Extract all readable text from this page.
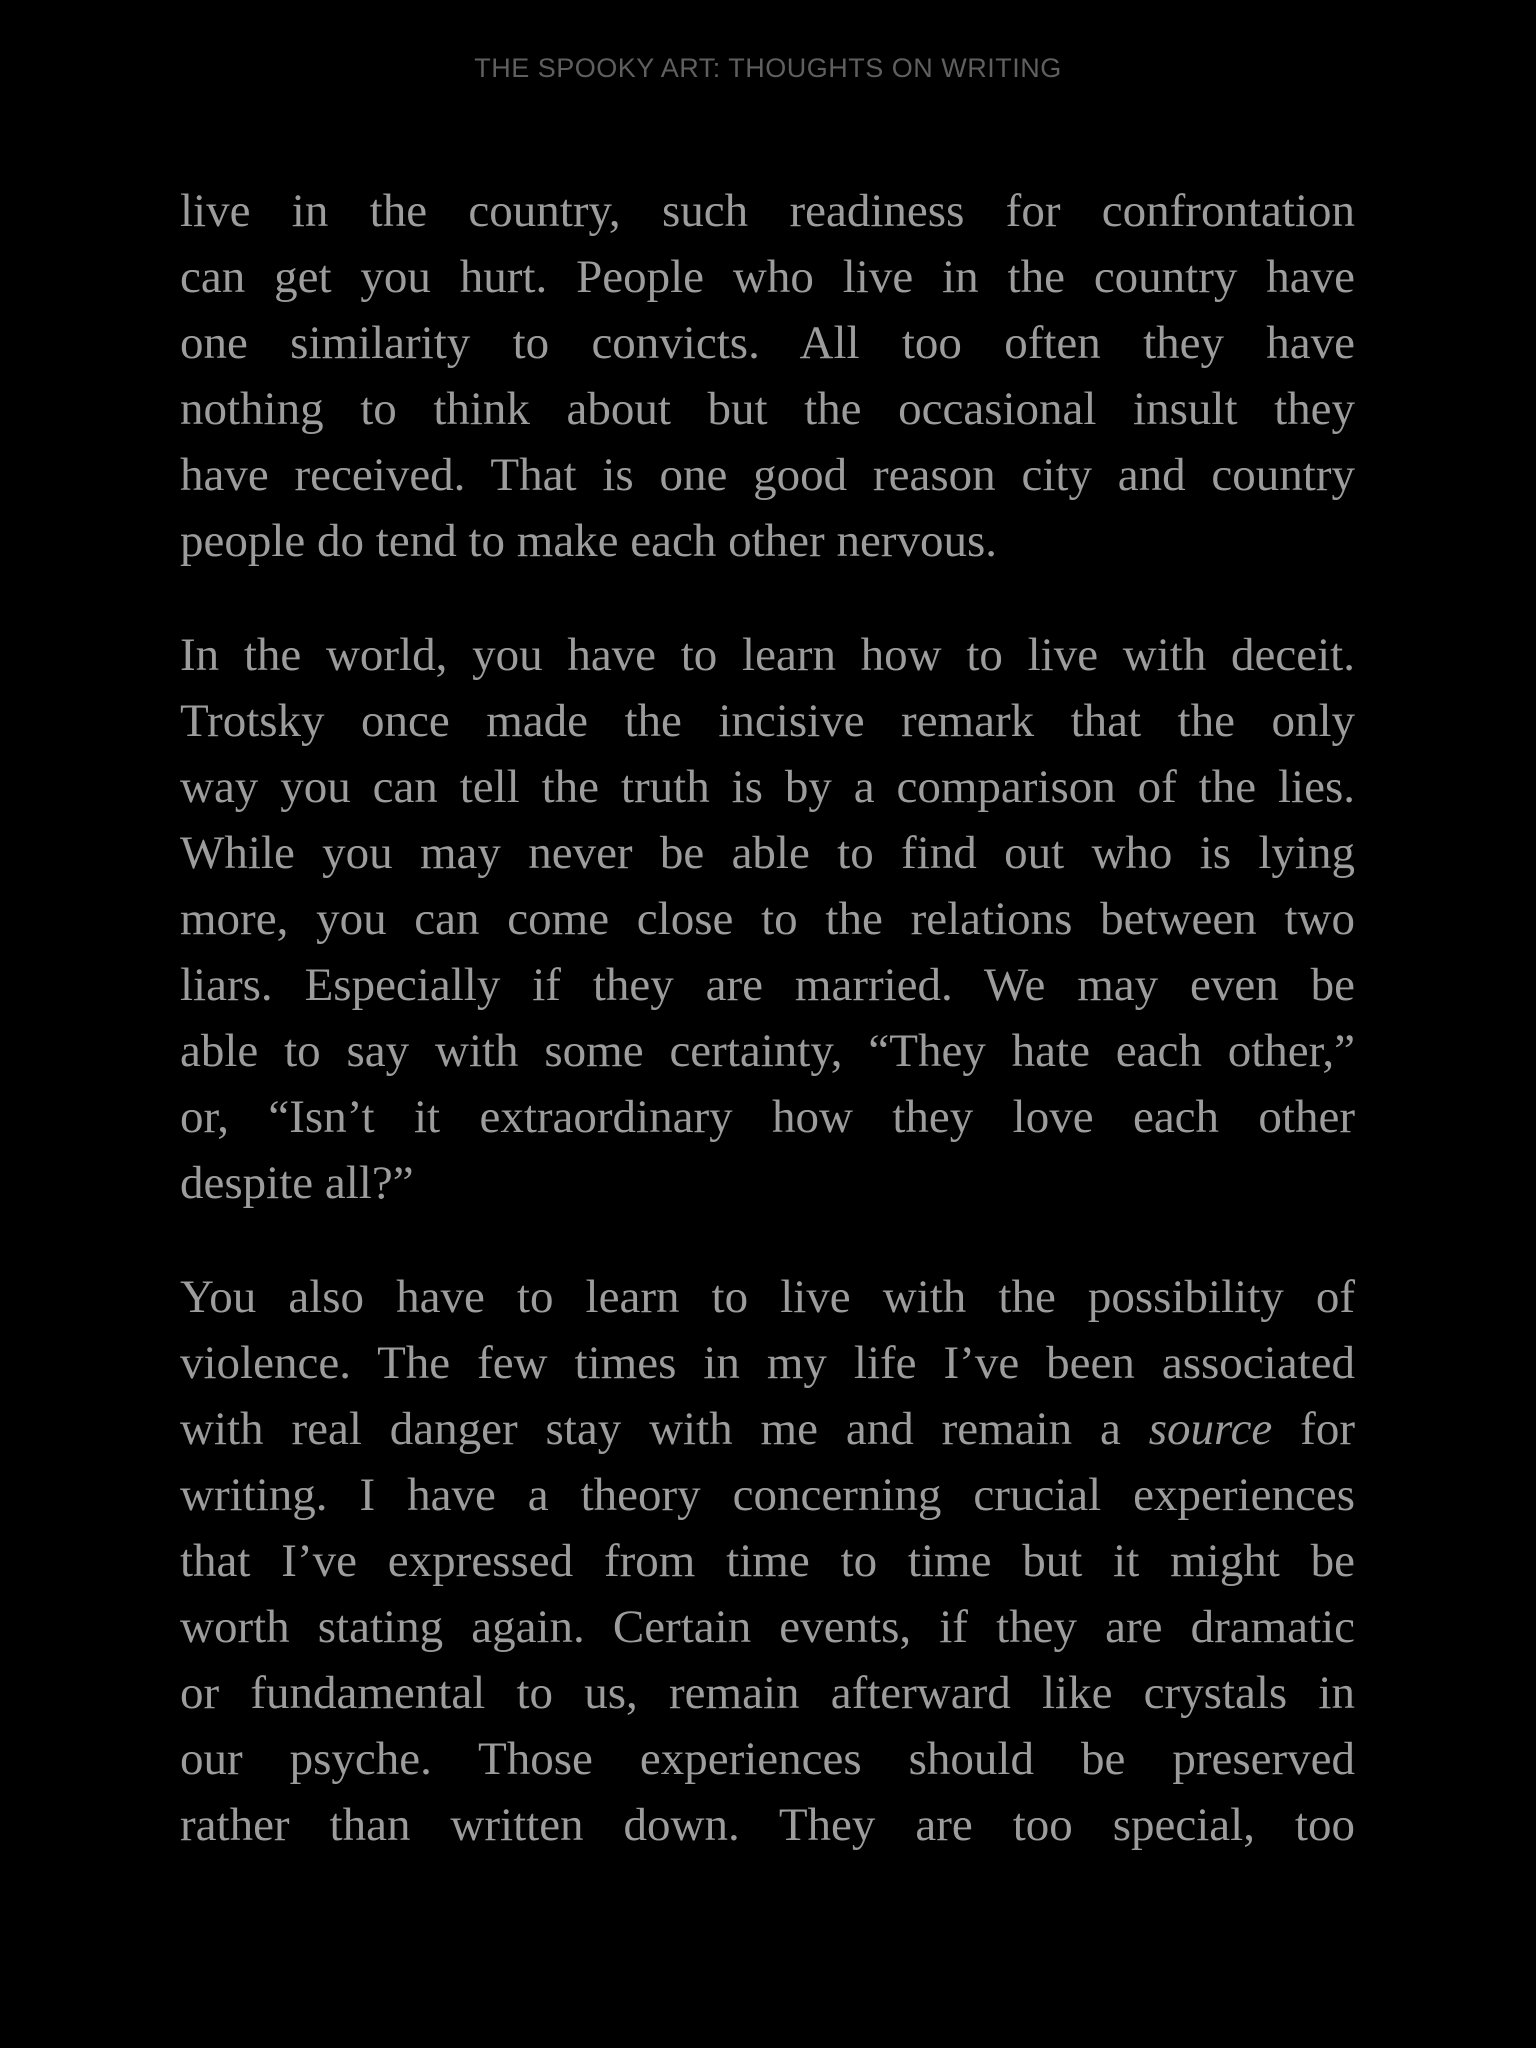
THE SPOOKY ART: THOUGHTS ON WRITING

live in the country, such readiness for confrontation
can get you hurt. People who live in the country have
one similarity to convicts. All too often they have
nothing to think about but the occasional insult they
have received. That is one good reason city and country
people do tend to make each other nervous.

In the world, you have to learn how to live with deceit.
Trotsky once made the incisive remark that the only
way you can tell the truth is by a comparison of the lies.
While you may never be able to find out who is lying
more, you can come close to the relations between two
liars. Especially if they are married. We may even be
able to say with some certainty, “They hate each other,”
or, “Isn’t it extraordinary how they love each other
despite all?”

You also have to learn to live with the possibility of
violence. The few times in my life I’ve been associated
with real danger stay with me and remain a source for
writing. I have a theory concerning crucial experiences
that I’ve expressed from time to time but it might be
worth stating again. Certain events, if they are dramatic
or fundamental to us, remain afterward like crystals in
our psyche. Those experiences should be preserved
rather than written down. They are too special, too
